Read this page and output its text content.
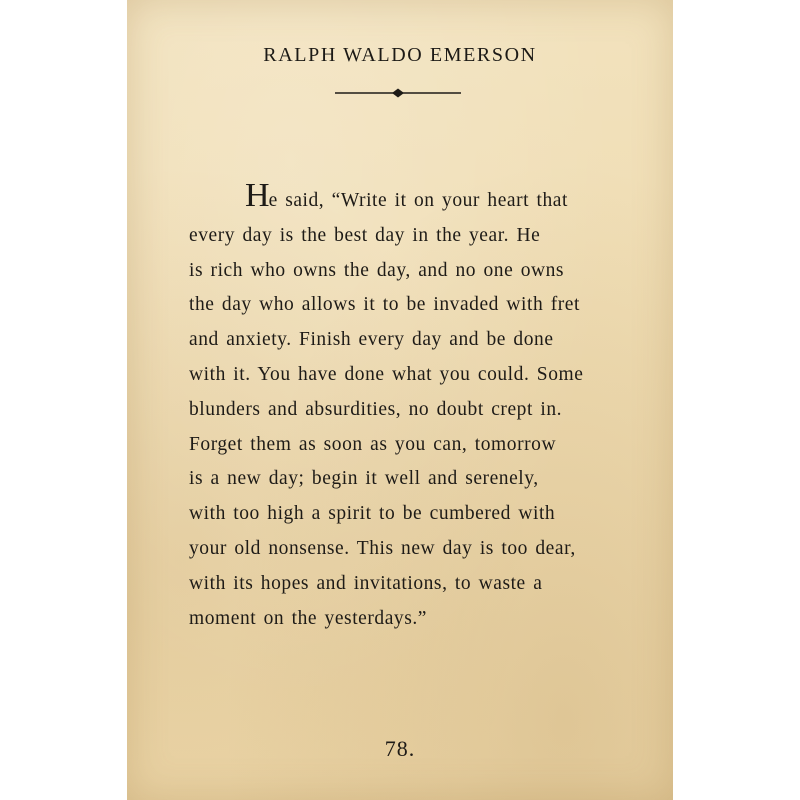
RALPH WALDO EMERSON
He said, “Write it on your heart that
every day is the best day in the year. He
is rich who owns the day, and no one owns
the day who allows it to be invaded with fret
and anxiety. Finish every day and be done
with it. You have done what you could. Some
blunders and absurdities, no doubt crept in.
Forget them as soon as you can, tomorrow
is a new day; begin it well and serenely,
with too high a spirit to be cumbered with
your old nonsense. This new day is too dear,
with its hopes and invitations, to waste a
moment on the yesterdays.”
78.
